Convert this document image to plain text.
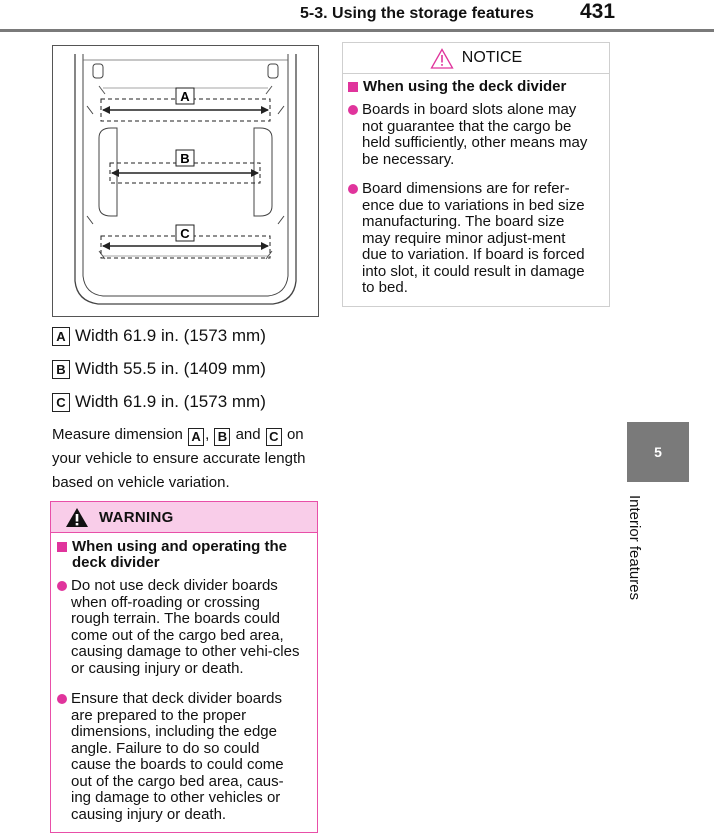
5-3. Using the storage features 431
A
B
C
A Width 61.9 in. (1573 mm)
B Width 55.5 in. (1409 mm)
C Width 61.9 in. (1573 mm)
Measure dimension A , B and C on your vehicle to ensure accurate length based on vehicle variation.
WARNING
When using and operating the deck divider
Do not use deck divider boards when off-roading or crossing rough terrain. The boards could come out of the cargo bed area, causing damage to other vehi-cles or causing injury or death.
Ensure that deck divider boards are prepared to the proper dimensions, including the edge angle. Failure to do so could cause the boards to could come out of the cargo bed area, caus-ing damage to other vehicles or causing injury or death.
NOTICE
When using the deck divider
Boards in board slots alone may not guarantee that the cargo be held sufficiently, other means may be necessary.
Board dimensions are for refer-ence due to variations in bed size manufacturing. The board size may require minor adjust-ment due to variation. If board is forced into slot, it could result in damage to bed.
5
Interior features
